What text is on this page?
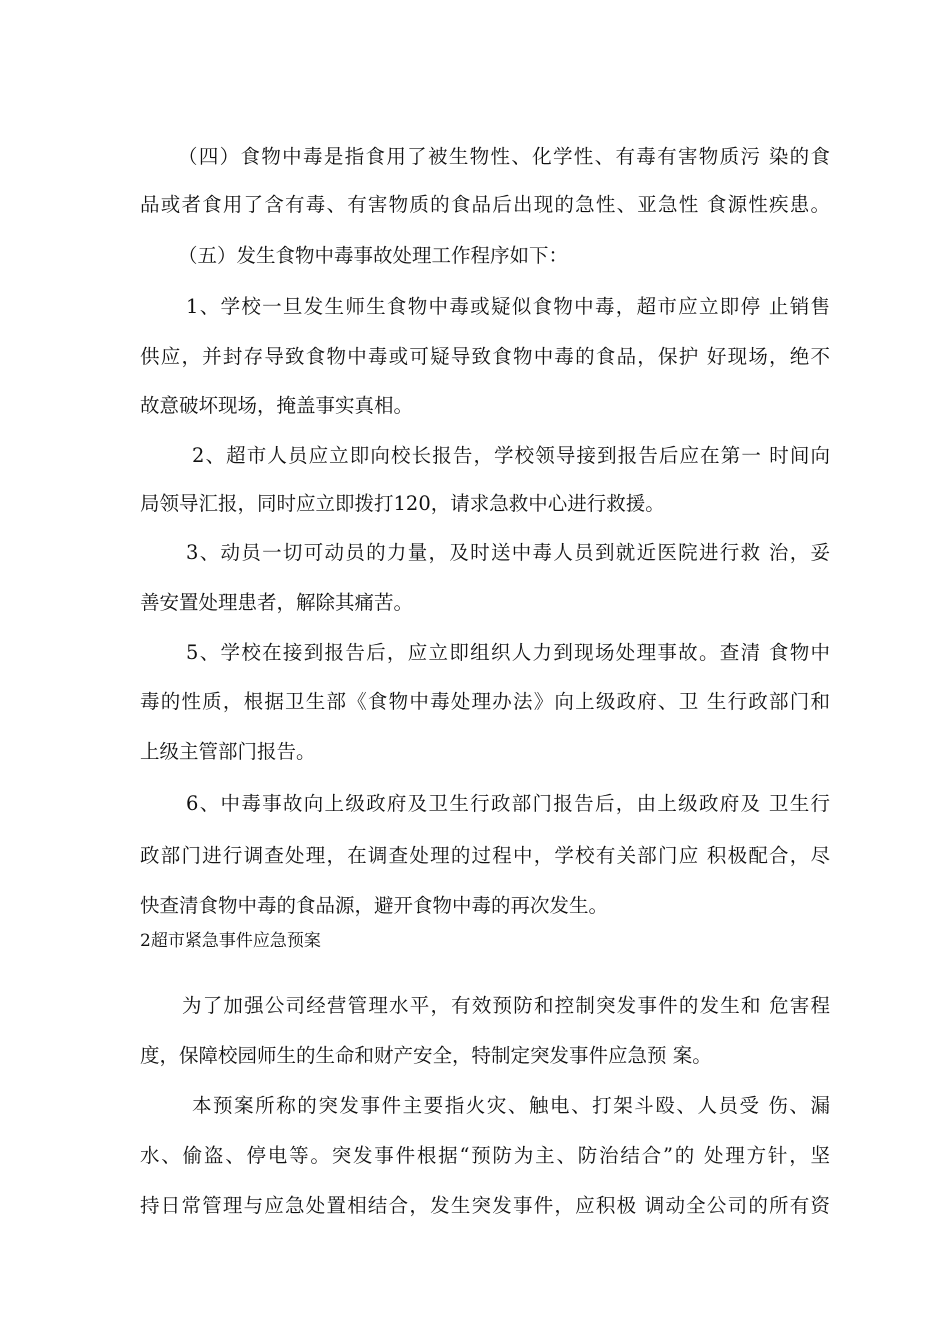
（四）食物中毒是指食用了被生物性、化学性、有毒有害物质污 染的食
品或者食用了含有毒、有害物质的食品后出现的急性、亚急性 食源性疾患。
（五）发生食物中毒事故处理工作程序如下：
1、学校一旦发生师生食物中毒或疑似食物中毒，超市应立即停 止销售
供应，并封存导致食物中毒或可疑导致食物中毒的食品，保护 好现场，绝不
故意破坏现场，掩盖事实真相。
2、超市人员应立即向校长报告，学校领导接到报告后应在第一 时间向
局领导汇报，同时应立即拨打120，请求急救中心进行救援。
3、动员一切可动员的力量，及时送中毒人员到就近医院进行救 治，妥
善安置处理患者，解除其痛苦。
5、学校在接到报告后，应立即组织人力到现场处理事故。查清 食物中
毒的性质，根据卫生部《食物中毒处理办法》向上级政府、卫 生行政部门和
上级主管部门报告。
6、中毒事故向上级政府及卫生行政部门报告后，由上级政府及 卫生行
政部门进行调查处理，在调查处理的过程中，学校有关部门应 积极配合，尽
快查清食物中毒的食品源，避开食物中毒的再次发生。
2超市紧急事件应急预案
为了加强公司经营管理水平，有效预防和控制突发事件的发生和 危害程
度，保障校园师生的生命和财产安全，特制定突发事件应急预 案。
本预案所称的突发事件主要指火灾、触电、打架斗殴、人员受 伤、漏
水、偷盗、停电等。突发事件根据“预防为主、防治结合”的 处理方针，坚
持日常管理与应急处置相结合，发生突发事件，应积极 调动全公司的所有资
